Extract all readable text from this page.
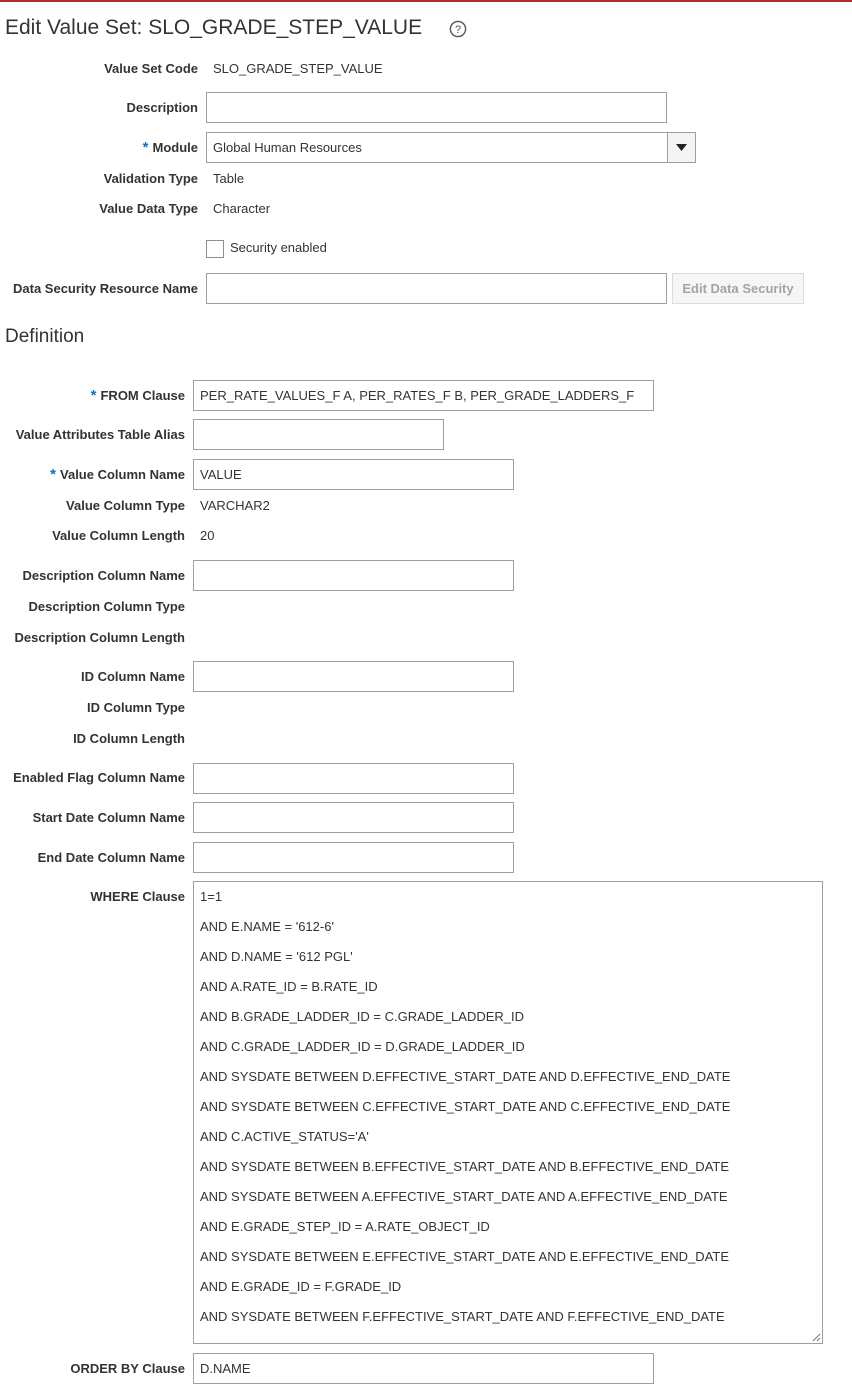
Edit Value Set: SLO_GRADE_STEP_VALUE	?
Value Set Code SLO_GRADE_STEP_VALUE
Description
* Module	Global Human Resources
Validation Type Table
Value Data Type Character
Security enabled
Data Security Resource Name	Edit Data Security
Definition
* FROM Clause	PER_RATE_VALUES_F A, PER_RATES_F B, PER_GRADE_LADDERS_F
Value Attributes Table Alias
* Value Column Name	VALUE
Value Column Type VARCHAR2
Value Column Length 20
Description Column Name
Description Column Type
Description Column Length
ID Column Name
ID Column Type
ID Column Length
Enabled Flag Column Name
Start Date Column Name
End Date Column Name
WHERE Clause 1=1
AND E.NAME = '612-6'
AND D.NAME = '612 PGL'
AND A.RATE_ID = B.RATE_ID
AND B.GRADE_LADDER_ID = C.GRADE_LADDER_ID
AND C.GRADE_LADDER_ID = D.GRADE_LADDER_ID
AND SYSDATE BETWEEN D.EFFECTIVE_START_DATE AND D.EFFECTIVE_END_DATE
AND SYSDATE BETWEEN C.EFFECTIVE_START_DATE AND C.EFFECTIVE_END_DATE
AND C.ACTIVE_STATUS='A'
AND SYSDATE BETWEEN B.EFFECTIVE_START_DATE AND B.EFFECTIVE_END_DATE
AND SYSDATE BETWEEN A.EFFECTIVE_START_DATE AND A.EFFECTIVE_END_DATE
AND E.GRADE_STEP_ID = A.RATE_OBJECT_ID
AND SYSDATE BETWEEN E.EFFECTIVE_START_DATE AND E.EFFECTIVE_END_DATE
AND E.GRADE_ID = F.GRADE_ID
AND SYSDATE BETWEEN F.EFFECTIVE_START_DATE AND F.EFFECTIVE_END_DATE
ORDER BY Clause	D.NAME
